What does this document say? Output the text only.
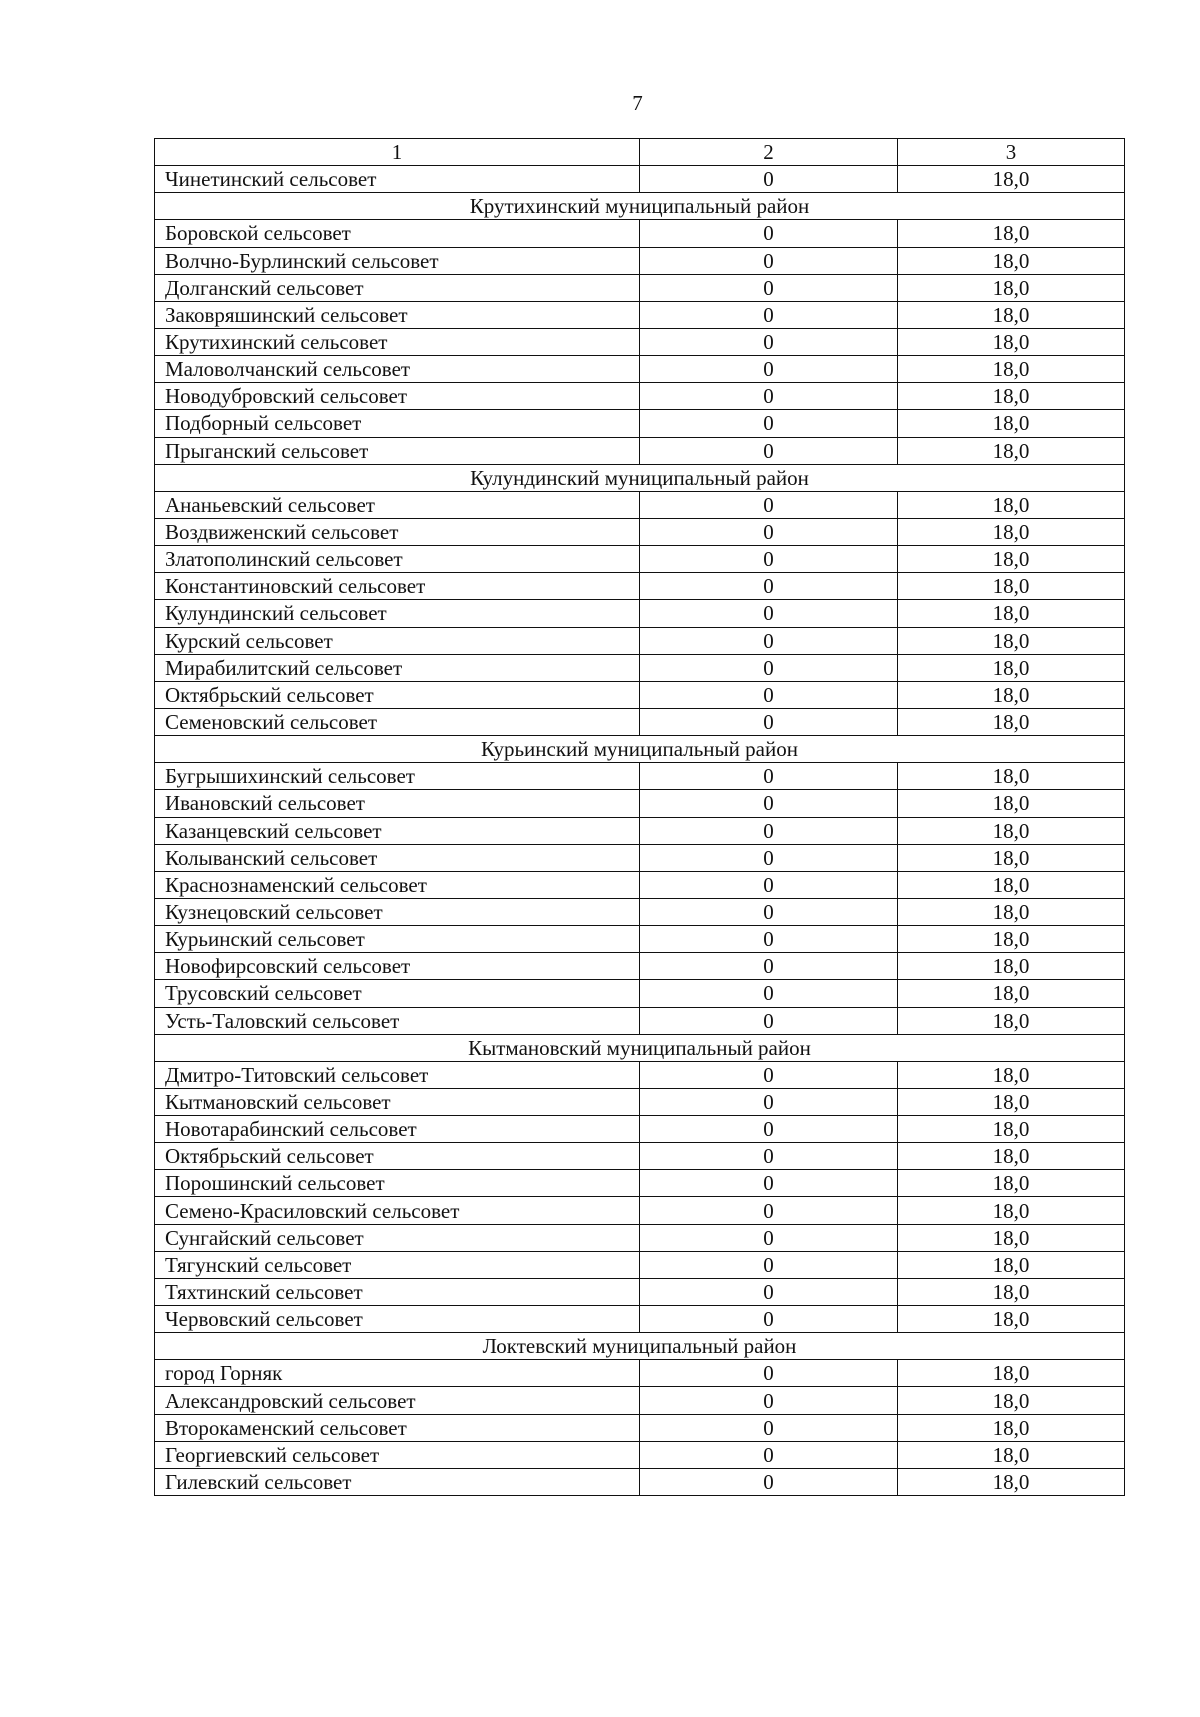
7
1	2	3
Чинетинский сельсовет	0	18,0
Крутихинский муниципальный район		
Боровской сельсовет	0	18,0
Волчно-Бурлинский сельсовет	0	18,0
Долганский сельсовет	0	18,0
Заковряшинский сельсовет	0	18,0
Крутихинский сельсовет	0	18,0
Маловолчанский сельсовет	0	18,0
Новодубровский сельсовет	0	18,0
Подборный сельсовет	0	18,0
Прыганский сельсовет	0	18,0
Кулундинский муниципальный район		
Ананьевский сельсовет	0	18,0
Воздвиженский сельсовет	0	18,0
Златополинский сельсовет	0	18,0
Константиновский сельсовет	0	18,0
Кулундинский сельсовет	0	18,0
Курский сельсовет	0	18,0
Мирабилитский сельсовет	0	18,0
Октябрьский сельсовет	0	18,0
Семеновский сельсовет	0	18,0
Курьинский муниципальный район		
Бугрышихинский сельсовет	0	18,0
Ивановский сельсовет	0	18,0
Казанцевский сельсовет	0	18,0
Колыванский сельсовет	0	18,0
Краснознаменский сельсовет	0	18,0
Кузнецовский сельсовет	0	18,0
Курьинский сельсовет	0	18,0
Новофирсовский сельсовет	0	18,0
Трусовский сельсовет	0	18,0
Усть-Таловский сельсовет	0	18,0
Кытмановский муниципальный район		
Дмитро-Титовский сельсовет	0	18,0
Кытмановский сельсовет	0	18,0
Новотарабинский сельсовет	0	18,0
Октябрьский сельсовет	0	18,0
Порошинский сельсовет	0	18,0
Семено-Красиловский сельсовет	0	18,0
Сунгайский сельсовет	0	18,0
Тягунский сельсовет	0	18,0
Тяхтинский сельсовет	0	18,0
Червовский сельсовет	0	18,0
Локтевский муниципальный район		
город Горняк	0	18,0
Александровский сельсовет	0	18,0
Второкаменский сельсовет	0	18,0
Георгиевский сельсовет	0	18,0
Гилевский сельсовет	0	18,0
